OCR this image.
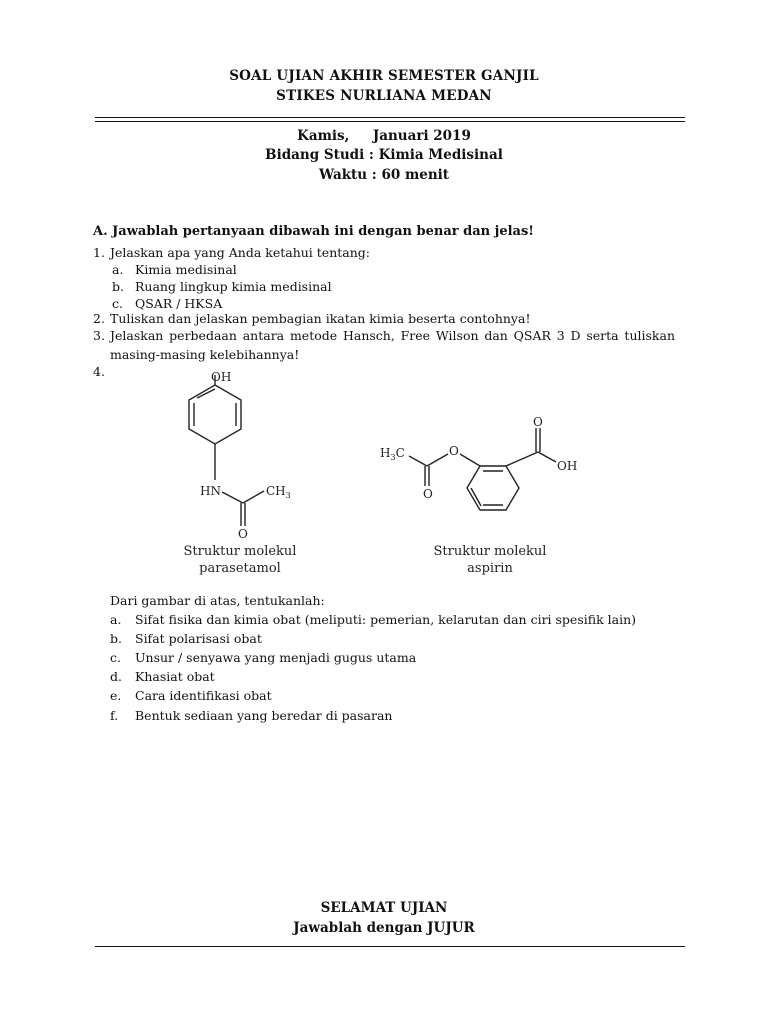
SOAL UJIAN AKHIR SEMESTER GANJIL
STIKES NURLIANA MEDAN
Kamis,     Januari 2019
Bidang Studi : Kimia Medisinal
Waktu : 60 menit
A. Jawablah pertanyaan dibawah ini dengan benar dan jelas!
1. Jelaskan apa yang Anda ketahui tentang:
a. Kimia medisinal
b. Ruang lingkup kimia medisinal
c. QSAR / HKSA
2. Tuliskan dan jelaskan pembagian ikatan kimia beserta contohnya!
3. Jelaskan perbedaan antara metode Hansch, Free Wilson dan QSAR 3 D serta tuliskan
masing-masing kelebihannya!
4.	OH
HN	$CH_3$
O
$H_3C$	O
O
O
OH
Struktur molekul
parasetamol
Struktur molekul
aspirin
Dari gambar di atas, tentukanlah:
a. Sifat fisika dan kimia obat (meliputi: pemerian, kelarutan dan ciri spesifik lain)
b. Sifat polarisasi obat
c. Unsur / senyawa yang menjadi gugus utama
d. Khasiat obat
e. Cara identifikasi obat
f. Bentuk sediaan yang beredar di pasaran
SELAMAT UJIAN
Jawablah dengan JUJUR
